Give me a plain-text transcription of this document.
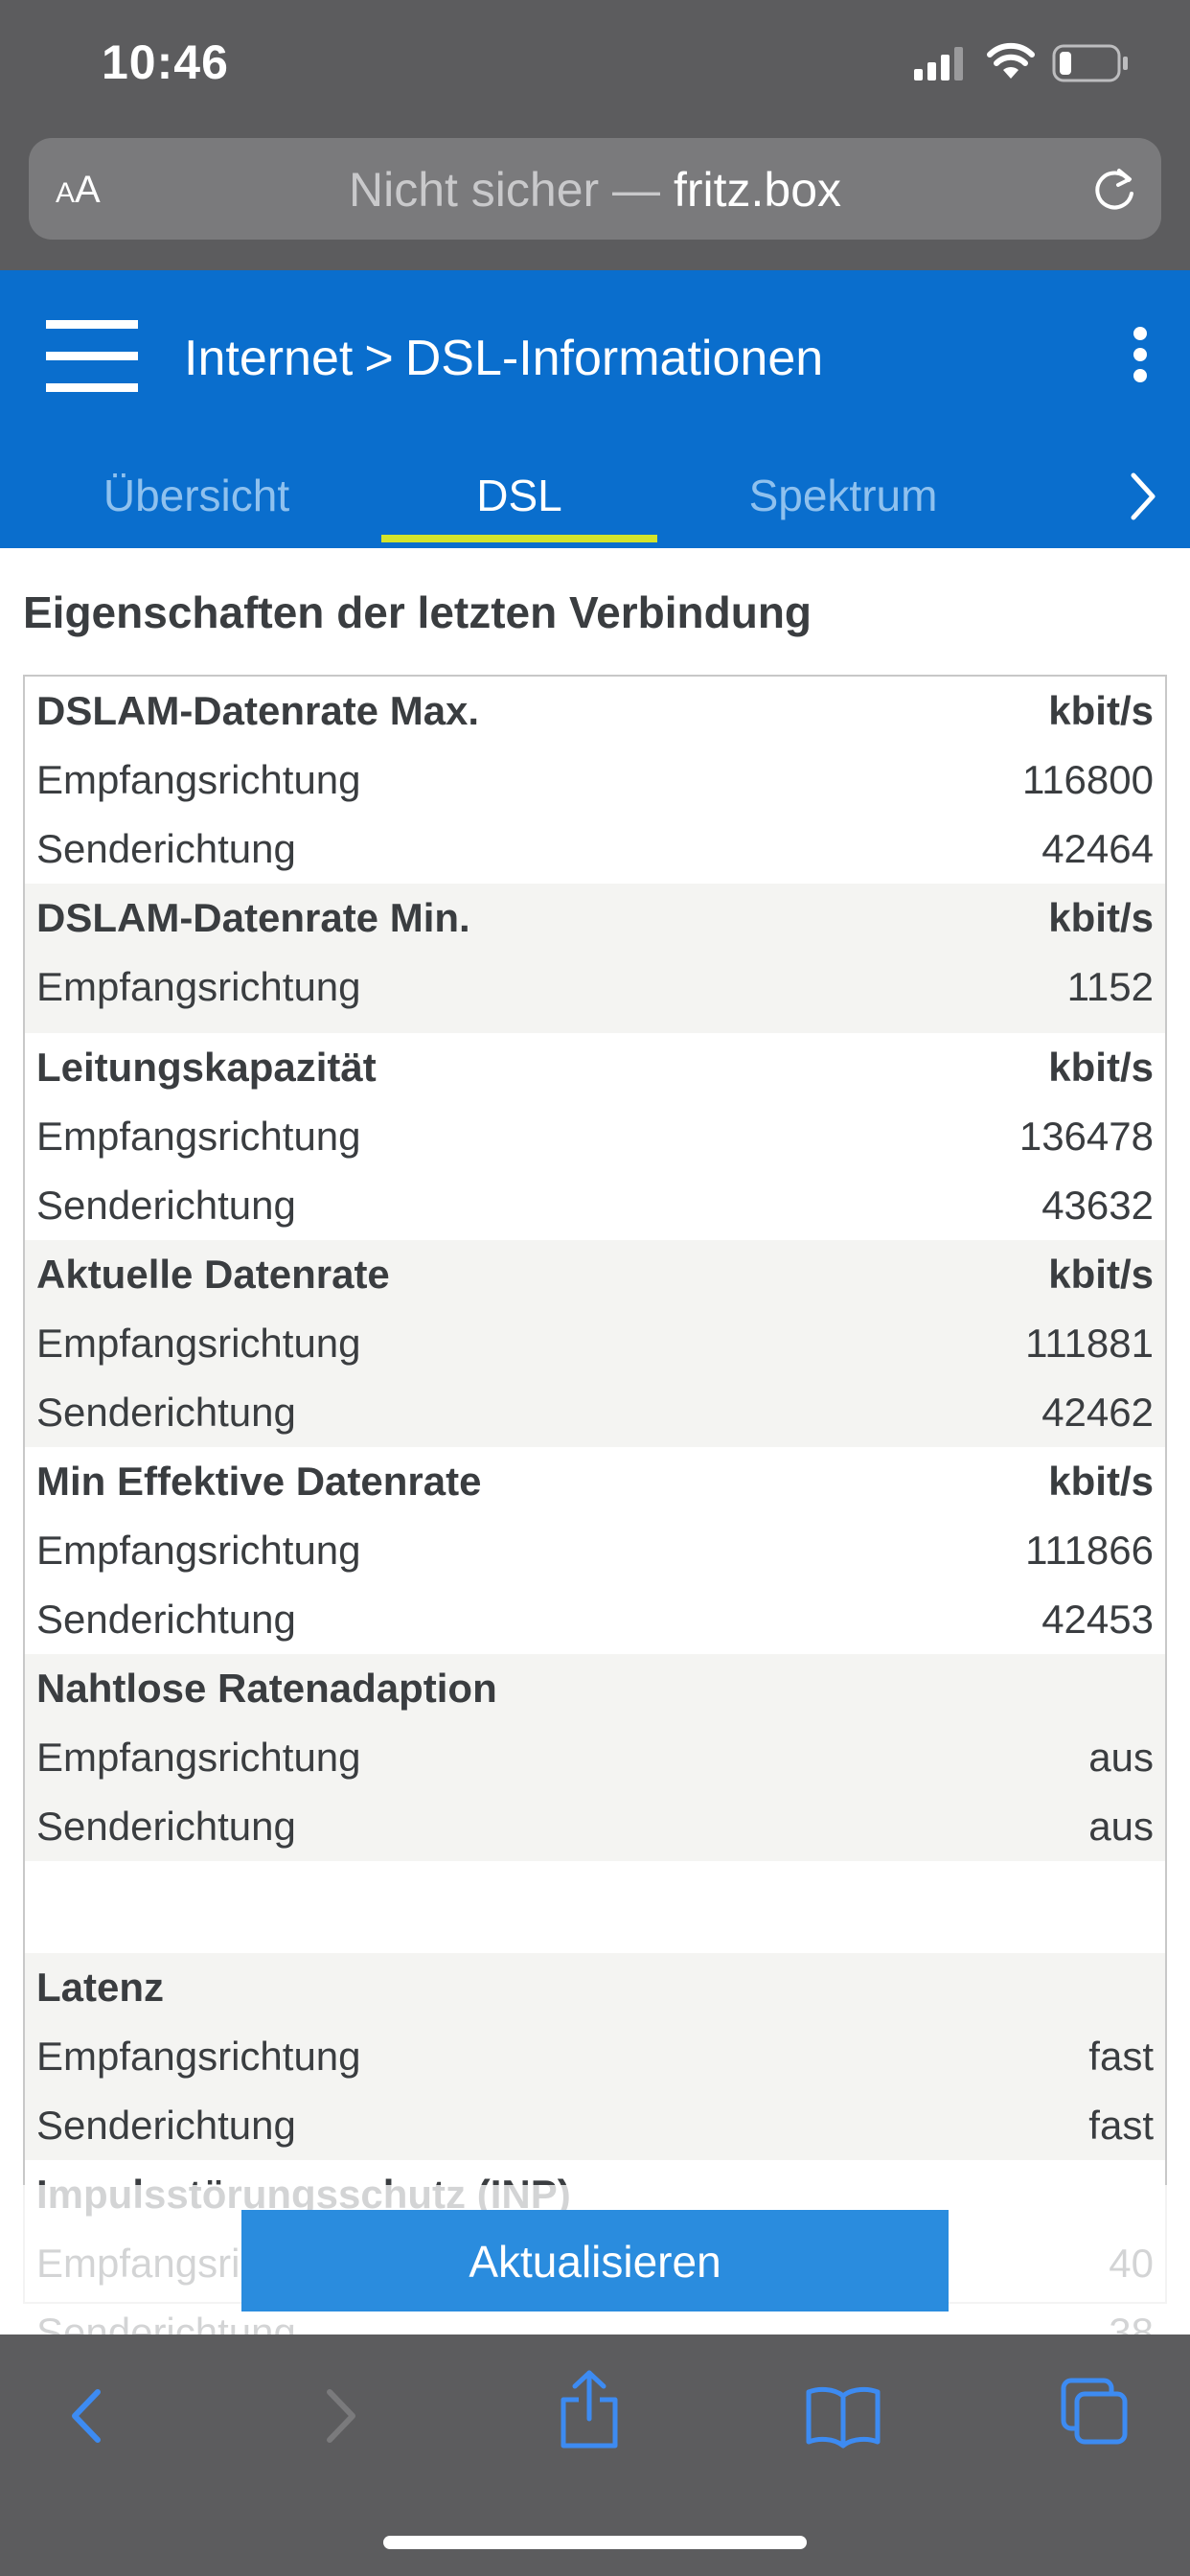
10:46
AA	Nicht sicher — fritz.box
Internet > DSL-Informationen
Übersicht	DSL	Spektrum
Eigenschaften der letzten Verbindung
DSLAM-Datenrate Max.	kbit/s
Empfangsrichtung	116800
Senderichtung	42464
DSLAM-Datenrate Min.	kbit/s
Empfangsrichtung	1152
Leitungskapazität	kbit/s
Empfangsrichtung	136478
Senderichtung	43632
Aktuelle Datenrate	kbit/s
Empfangsrichtung	111881
Senderichtung	42462
Min Effektive Datenrate	kbit/s
Empfangsrichtung	111866
Senderichtung	42453
Nahtlose Ratenadaption
Empfangsrichtung	aus
Senderichtung	aus
Latenz
Empfangsrichtung	fast
Senderichtung	fast
Aktualisieren
